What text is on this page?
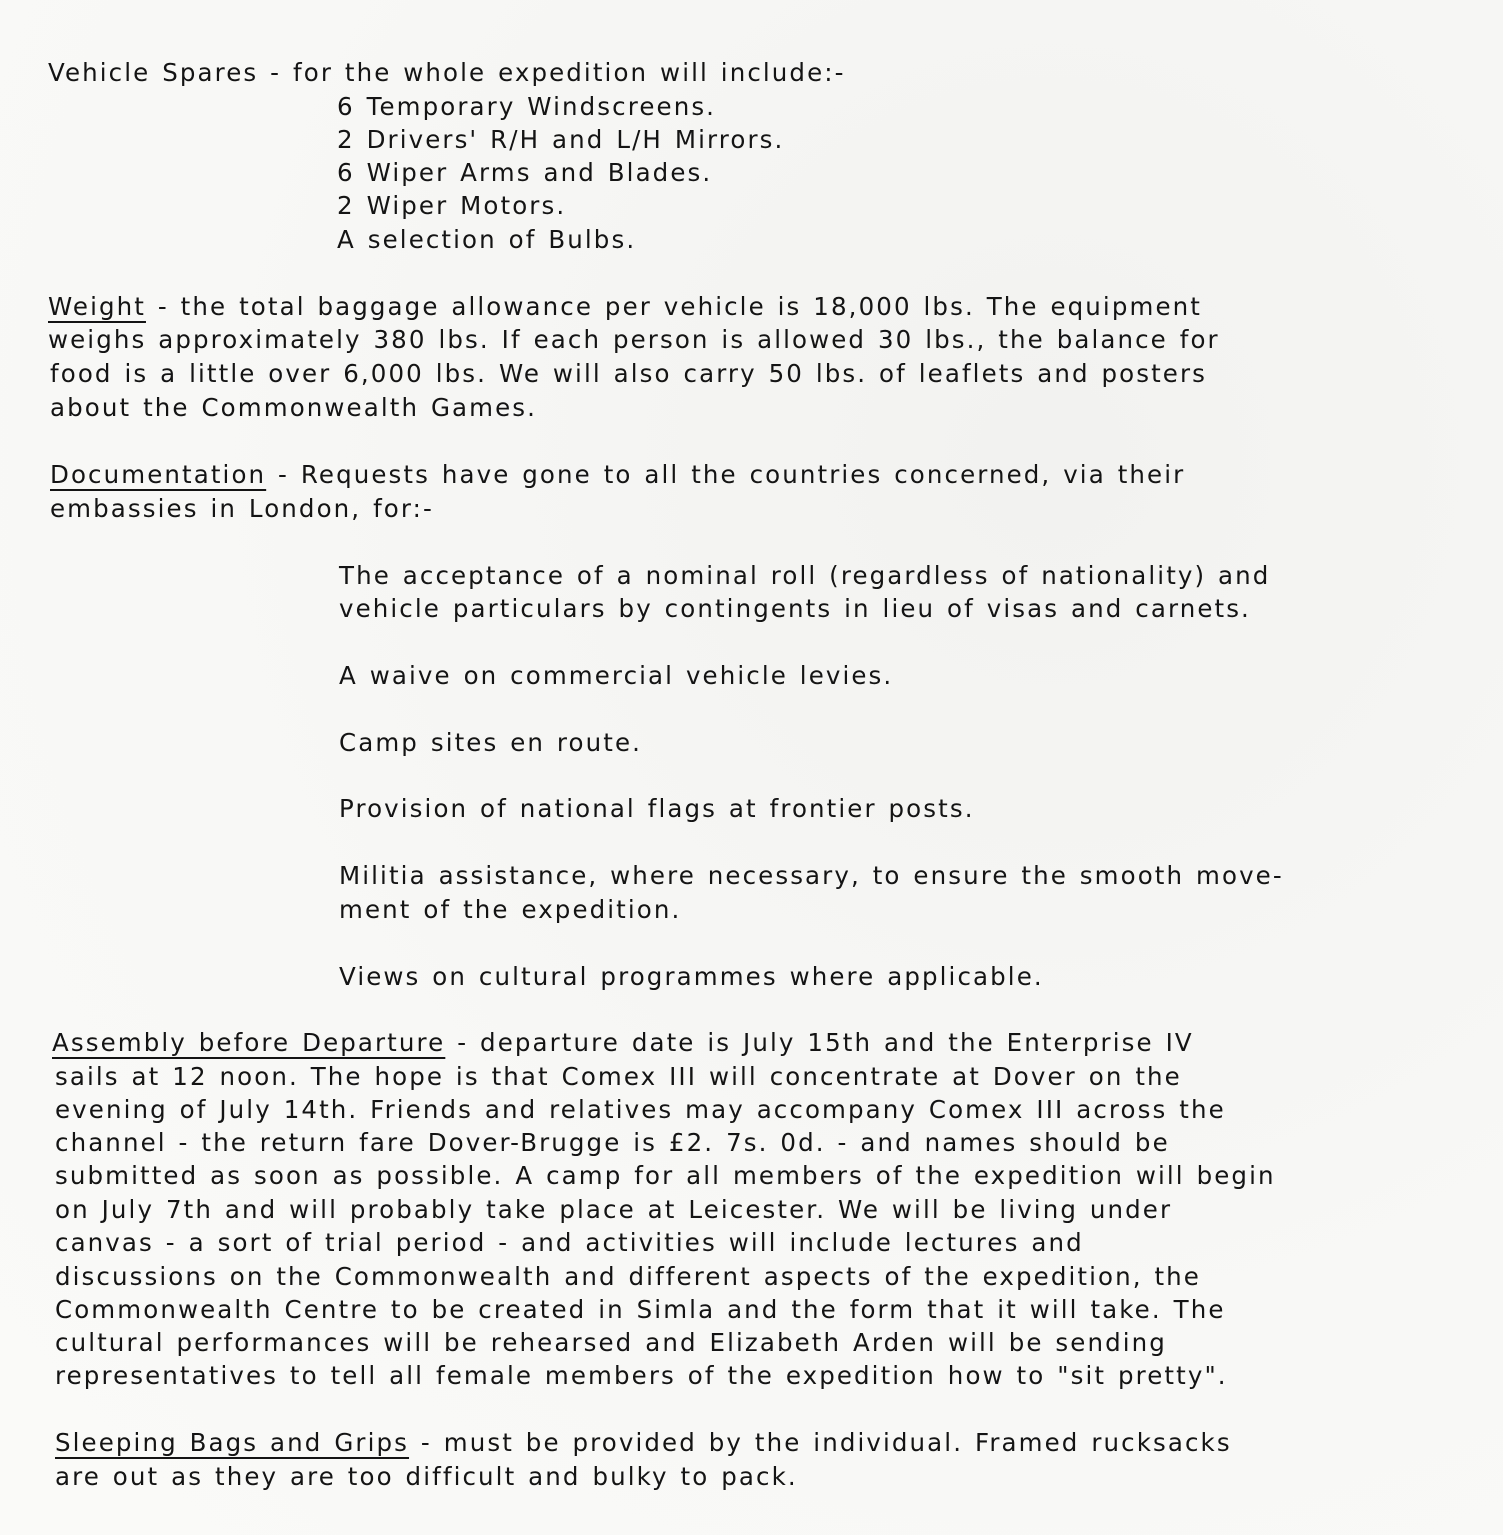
Vehicle Spares - for the whole expedition will include:-
6 Temporary Windscreens.
2 Drivers' R/H and L/H Mirrors.
6 Wiper Arms and Blades.
2 Wiper Motors.
A selection of Bulbs.
Weight - the total baggage allowance per vehicle is 18,000 lbs. The equipment
weighs approximately 380 lbs. If each person is allowed 30 lbs., the balance for
food is a little over 6,000 lbs. We will also carry 50 lbs. of leaflets and posters
about the Commonwealth Games.
Documentation - Requests have gone to all the countries concerned, via their
embassies in London, for:-
The acceptance of a nominal roll (regardless of nationality) and
vehicle particulars by contingents in lieu of visas and carnets.
A waive on commercial vehicle levies.
Camp sites en route.
Provision of national flags at frontier posts.
Militia assistance, where necessary, to ensure the smooth move-
ment of the expedition.
Views on cultural programmes where applicable.
Assembly before Departure - departure date is July 15th and the Enterprise IV
sails at 12 noon. The hope is that Comex III will concentrate at Dover on the
evening of July 14th. Friends and relatives may accompany Comex III across the
channel - the return fare Dover-Brugge is £2. 7s. 0d. - and names should be
submitted as soon as possible. A camp for all members of the expedition will begin
on July 7th and will probably take place at Leicester. We will be living under
canvas - a sort of trial period - and activities will include lectures and
discussions on the Commonwealth and different aspects of the expedition, the
Commonwealth Centre to be created in Simla and the form that it will take. The
cultural performances will be rehearsed and Elizabeth Arden will be sending
representatives to tell all female members of the expedition how to "sit pretty".
Sleeping Bags and Grips - must be provided by the individual. Framed rucksacks
are out as they are too difficult and bulky to pack.
